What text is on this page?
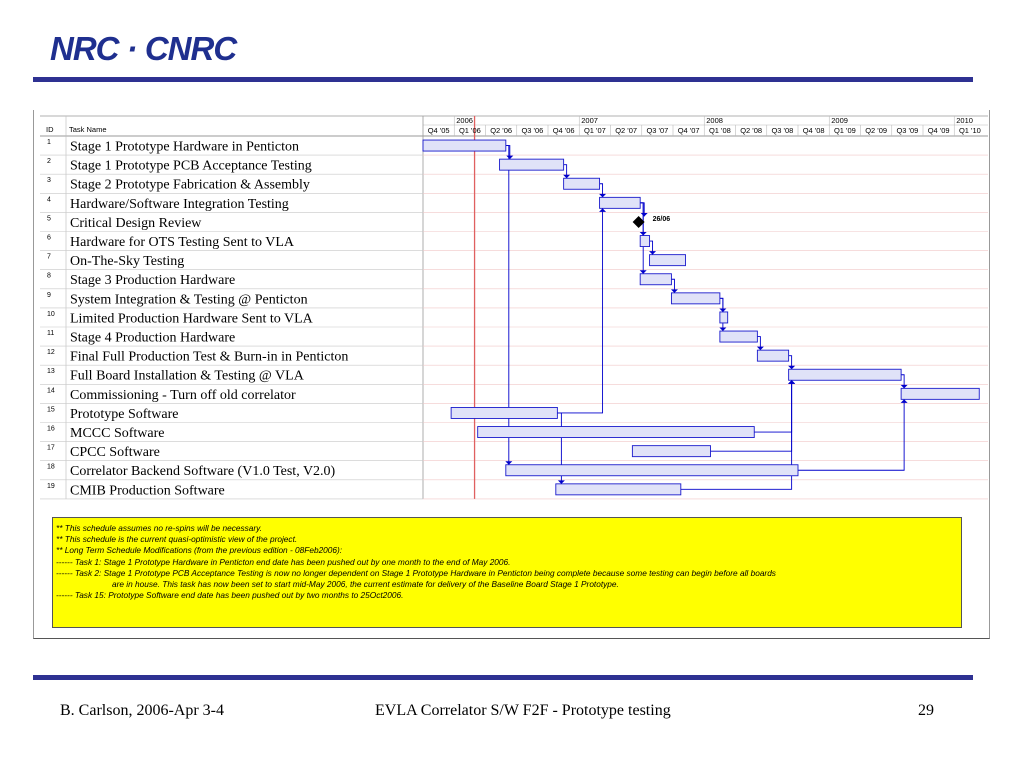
NRC · CNRC
ID Task Name
2006	2007	2008	2009	2010
Q4 '05 Q1 '06 Q2 '06 Q3 '06 Q4 '06 Q1 '07 Q2 '07 Q3 '07 Q4 '07 Q1 '08 Q2 '08 Q3 '08 Q4 '08 Q1 '09 Q2 '09 Q3 '09 Q4 '09 Q1 '10
1 Stage 1 Prototype Hardware in Penticton
2 Stage 1 Prototype PCB Acceptance Testing
3 Stage 2 Prototype Fabrication & Assembly
4 Hardware/Software Integration Testing
5 Critical Design Review
6 Hardware for OTS Testing Sent to VLA
7 On-The-Sky Testing
8 Stage 3 Production Hardware
9 System Integration & Testing @ Penticton
10 Limited Production Hardware Sent to VLA
11 Stage 4 Production Hardware
12 Final Full Production Test & Burn-in in Penticton
13 Full Board Installation & Testing @ VLA
14 Commissioning - Turn off old correlator
15 Prototype Software
16 MCCC Software
17 CPCC Software
18 Correlator Backend Software (V1.0 Test, V2.0)
19 CMIB Production Software
26/06
** This schedule assumes no re-spins will be necessary.
** This schedule is the current quasi-optimistic view of the project.
** Long Term Schedule Modifications (from the previous edition - 08Feb2006):
------ Task 1: Stage 1 Prototype Hardware in Penticton end date has been pushed out by one month to the end of May 2006.
------ Task 2: Stage 1 Prototype PCB Acceptance Testing is now no longer dependent on Stage 1 Prototype Hardware in Penticton being complete because some testing can begin before all boards
are in house. This task has now been set to start mid-May 2006, the current estimate for delivery of the Baseline Board Stage 1 Prototype.
------ Task 15: Prototype Software end date has been pushed out by two months to 25Oct2006.
B. Carlson, 2006-Apr 3-4	EVLA Correlator S/W F2F - Prototype testing	29
